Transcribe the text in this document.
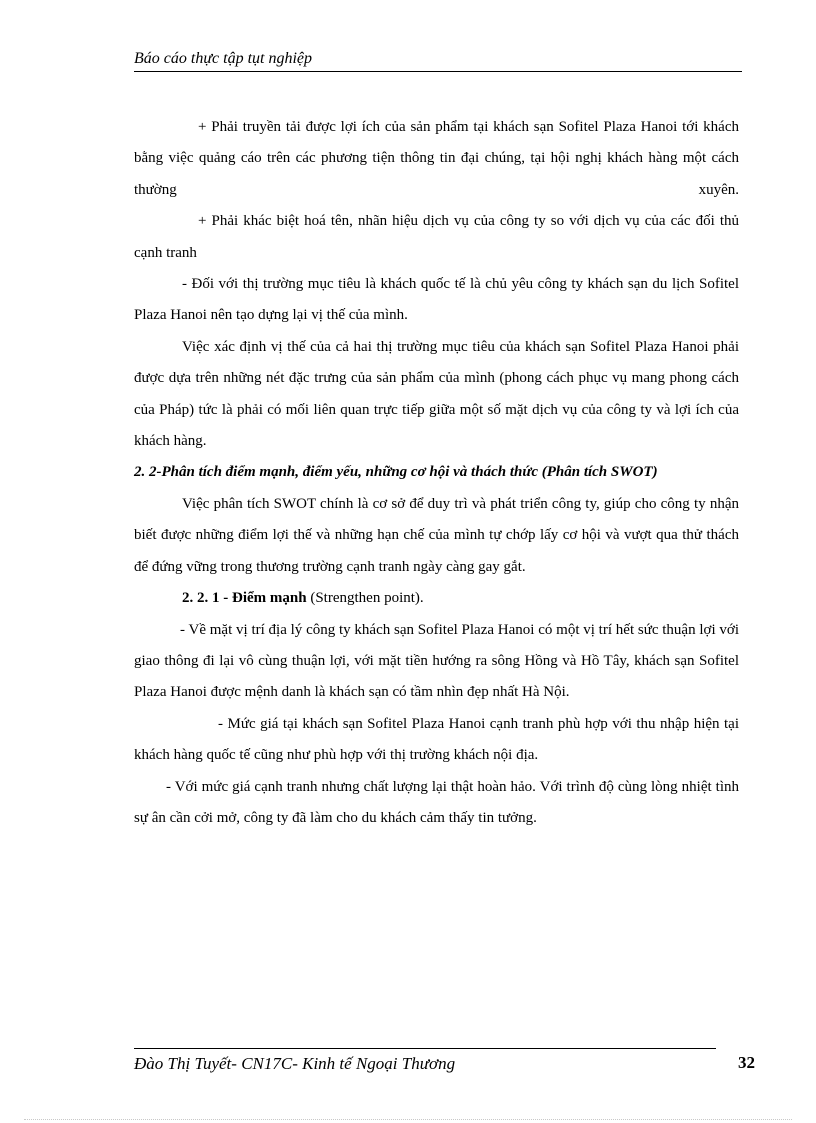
Báo cáo thực tập tụt nghiệp

+ Phải truyền tải được lợi ích của sản phẩm tại khách sạn Sofitel Plaza Hanoi tới khách bằng việc quảng cáo trên các phương tiện thông tin đại chúng, tại hội nghị khách hàng một cách thường xuyên.

+ Phải khác biệt hoá tên, nhãn hiệu dịch vụ của công ty so với dịch vụ của các đối thủ cạnh tranh

- Đối với thị trường mục tiêu là khách quốc tế là chủ yêu công ty khách sạn du lịch Sofitel Plaza Hanoi nên tạo dựng lại vị thế của mình.

Việc xác định vị thế của cả hai thị trường mục tiêu của khách sạn Sofitel Plaza Hanoi phải được dựa trên những nét đặc trưng của sản phẩm của mình (phong cách phục vụ mang phong cách của Pháp) tức là phải có mối liên quan trực tiếp giữa một số mặt dịch vụ của công ty và lợi ích của khách hàng.

2. 2-Phân tích điểm mạnh, điểm yếu, những cơ hội và thách thức (Phân tích SWOT)

Việc phân tích SWOT chính là cơ sở để duy trì và phát triển công ty, giúp cho công ty nhận biết được những điểm lợi thế và những hạn chế của mình tự chớp lấy cơ hội và vượt qua thử thách để đứng vững trong thương trường cạnh tranh ngày càng gay gắt.

2. 2. 1 - Điểm mạnh (Strengthen point).

- Về mặt vị trí địa lý công ty khách sạn Sofitel Plaza Hanoi có một vị trí hết sức thuận lợi với giao thông đi lại vô cùng thuận lợi, với mặt tiền hướng ra sông Hồng và Hồ Tây, khách sạn Sofitel Plaza Hanoi được mệnh danh là khách sạn có tầm nhìn đẹp nhất Hà Nội.

- Mức giá tại khách sạn Sofitel Plaza Hanoi cạnh tranh phù hợp với thu nhập hiện tại khách hàng quốc tế cũng như phù hợp với thị trường khách nội địa.

- Với mức giá cạnh tranh nhưng chất lượng lại thật hoàn hảo. Với trình độ cùng lòng nhiệt tình sự ân cần cởi mở, công ty đã làm cho du khách cảm thấy tin tưởng.

Đào Thị Tuyết- CN17C- Kinh tế Ngoại Thương	32
